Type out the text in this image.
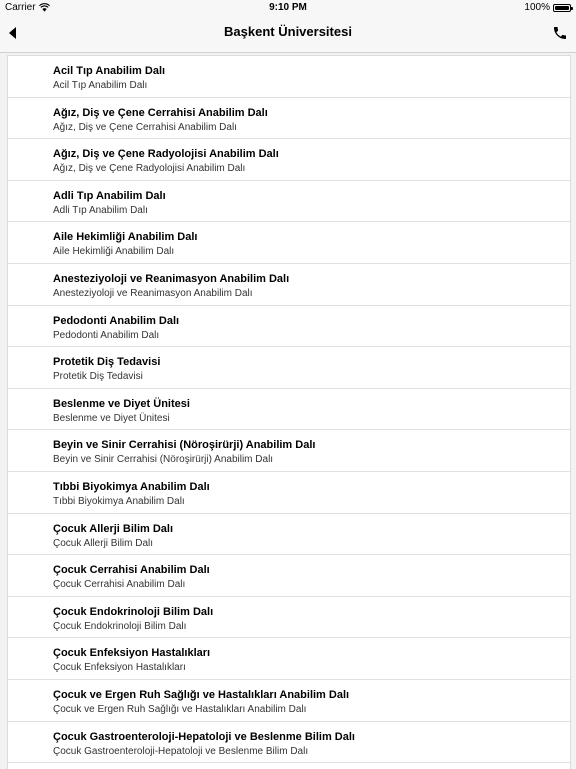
Carrier	9:10 PM	100%
Başkent Üniversitesi
Acil Tıp Anabilim Dalı
Acil Tıp Anabilim Dalı
Ağız, Diş ve Çene Cerrahisi Anabilim Dalı
Ağız, Diş ve Çene Cerrahisi Anabilim Dalı
Ağız, Diş ve Çene Radyolojisi Anabilim Dalı
Ağız, Diş ve Çene Radyolojisi Anabilim Dalı
Adli Tıp Anabilim Dalı
Adli Tıp Anabilim Dalı
Aile Hekimliği Anabilim Dalı
Aile Hekimliği Anabilim Dalı
Anesteziyoloji ve Reanimasyon Anabilim Dalı
Anesteziyoloji ve Reanimasyon Anabilim Dalı
Pedodonti Anabilim Dalı
Pedodonti Anabilim Dalı
Protetik Diş Tedavisi
Protetik Diş Tedavisi
Beslenme ve Diyet Ünitesi
Beslenme ve Diyet Ünitesi
Beyin ve Sinir Cerrahisi (Nöroşirürji) Anabilim Dalı
Beyin ve Sinir Cerrahisi (Nöroşirürji) Anabilim Dalı
Tıbbi Biyokimya Anabilim Dalı
Tıbbi Biyokimya Anabilim Dalı
Çocuk Allerji Bilim Dalı
Çocuk Allerji Bilim Dalı
Çocuk Cerrahisi Anabilim Dalı
Çocuk Cerrahisi Anabilim Dalı
Çocuk Endokrinoloji Bilim Dalı
Çocuk Endokrinoloji Bilim Dalı
Çocuk Enfeksiyon Hastalıkları
Çocuk Enfeksiyon Hastalıkları
Çocuk ve Ergen Ruh Sağlığı ve Hastalıkları Anabilim Dalı
Çocuk ve Ergen Ruh Sağlığı ve Hastalıkları Anabilim Dalı
Çocuk Gastroenteroloji-Hepatoloji ve Beslenme Bilim Dalı
Çocuk Gastroenteroloji-Hepatoloji ve Beslenme Bilim Dalı
